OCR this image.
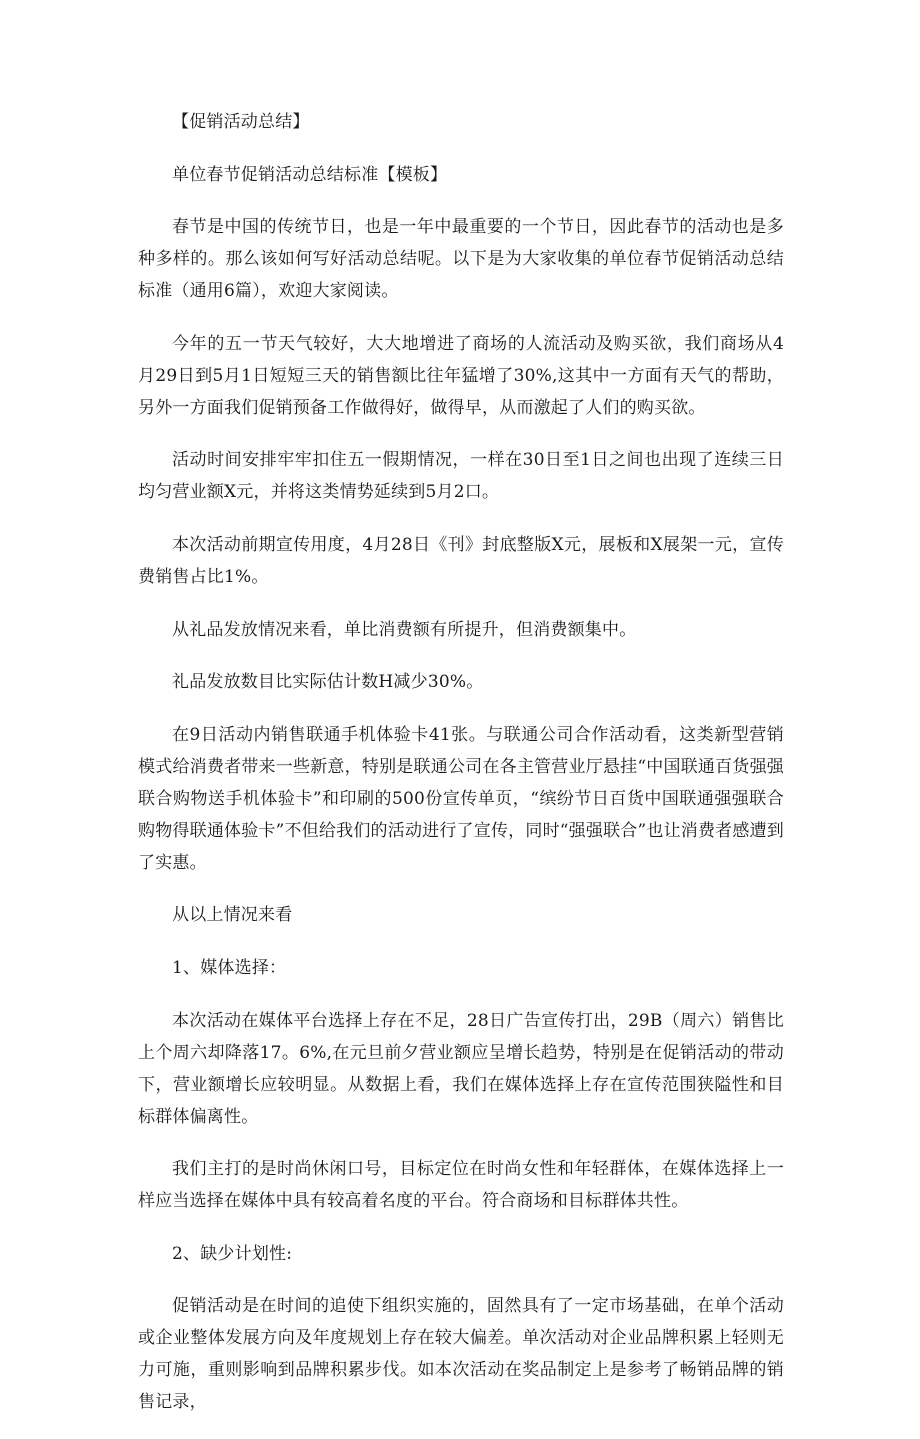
【促销活动总结】

单位春节促销活动总结标准【模板】

春节是中国的传统节日，也是一年中最重要的一个节日，因此春节的活动也是多种多样的。那么该如何写好活动总结呢。以下是为大家收集的单位春节促销活动总结标准（通用6篇），欢迎大家阅读。

今年的五一节天气较好，大大地增进了商场的人流活动及购买欲，我们商场从4月29日到5月1日短短三天的销售额比往年猛增了30%,这其中一方面有天气的帮助，另外一方面我们促销预备工作做得好，做得早，从而激起了人们的购买欲。

活动时间安排牢牢扣住五一假期情况，一样在30日至1日之间也出现了连续三日均匀营业额X元，并将这类情势延续到5月2口。

本次活动前期宣传用度，4月28日《刊》封底整版X元，展板和X展架一元，宣传费销售占比1%。

从礼品发放情况来看，单比消费额有所提升，但消费额集中。

礼品发放数目比实际估计数H减少30%。

在9日活动内销售联通手机体验卡41张。与联通公司合作活动看，这类新型营销模式给消费者带来一些新意，特别是联通公司在各主管营业厅悬挂“中国联通百货强强联合购物送手机体验卡”和印刷的500份宣传单页，“缤纷节日百货中国联通强强联合购物得联通体验卡”不但给我们的活动进行了宣传，同时“强强联合”也让消费者感遭到了实惠。

从以上情况来看

1、媒体选择：

本次活动在媒体平台选择上存在不足，28日广告宣传打出，29B（周六）销售比上个周六却降落17。6%,在元旦前夕营业额应呈增长趋势，特别是在促销活动的带动下，营业额增长应较明显。从数据上看，我们在媒体选择上存在宣传范围狭隘性和目标群体偏离性。

我们主打的是时尚休闲口号，目标定位在时尚女性和年轻群体，在媒体选择上一样应当选择在媒体中具有较高着名度的平台。符合商场和目标群体共性。

2、缺少计划性:

促销活动是在时间的追使下组织实施的，固然具有了一定市场基础，在单个活动或企业整体发展方向及年度规划上存在较大偏差。单次活动对企业品牌积累上轻则无力可施，重则影响到品牌积累步伐。如本次活动在奖品制定上是参考了畅销品牌的销售记录，
